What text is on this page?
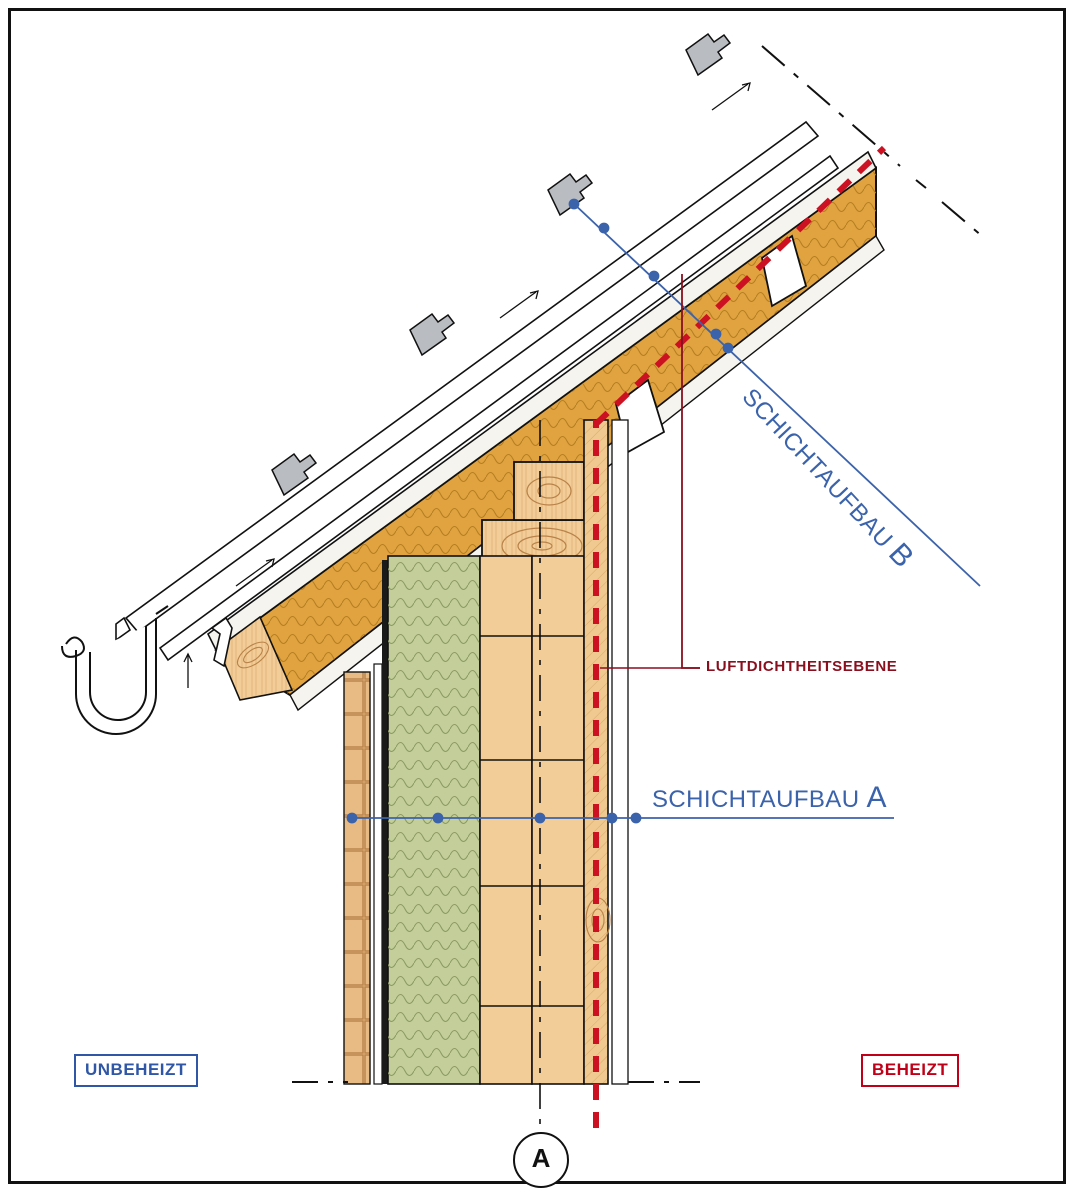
UNBEHEIZT	BEHEIZT
LUFTDICHTHEITSEBENE
SCHICHTAUFBAU A
SCHICHTAUFBAU B
A
